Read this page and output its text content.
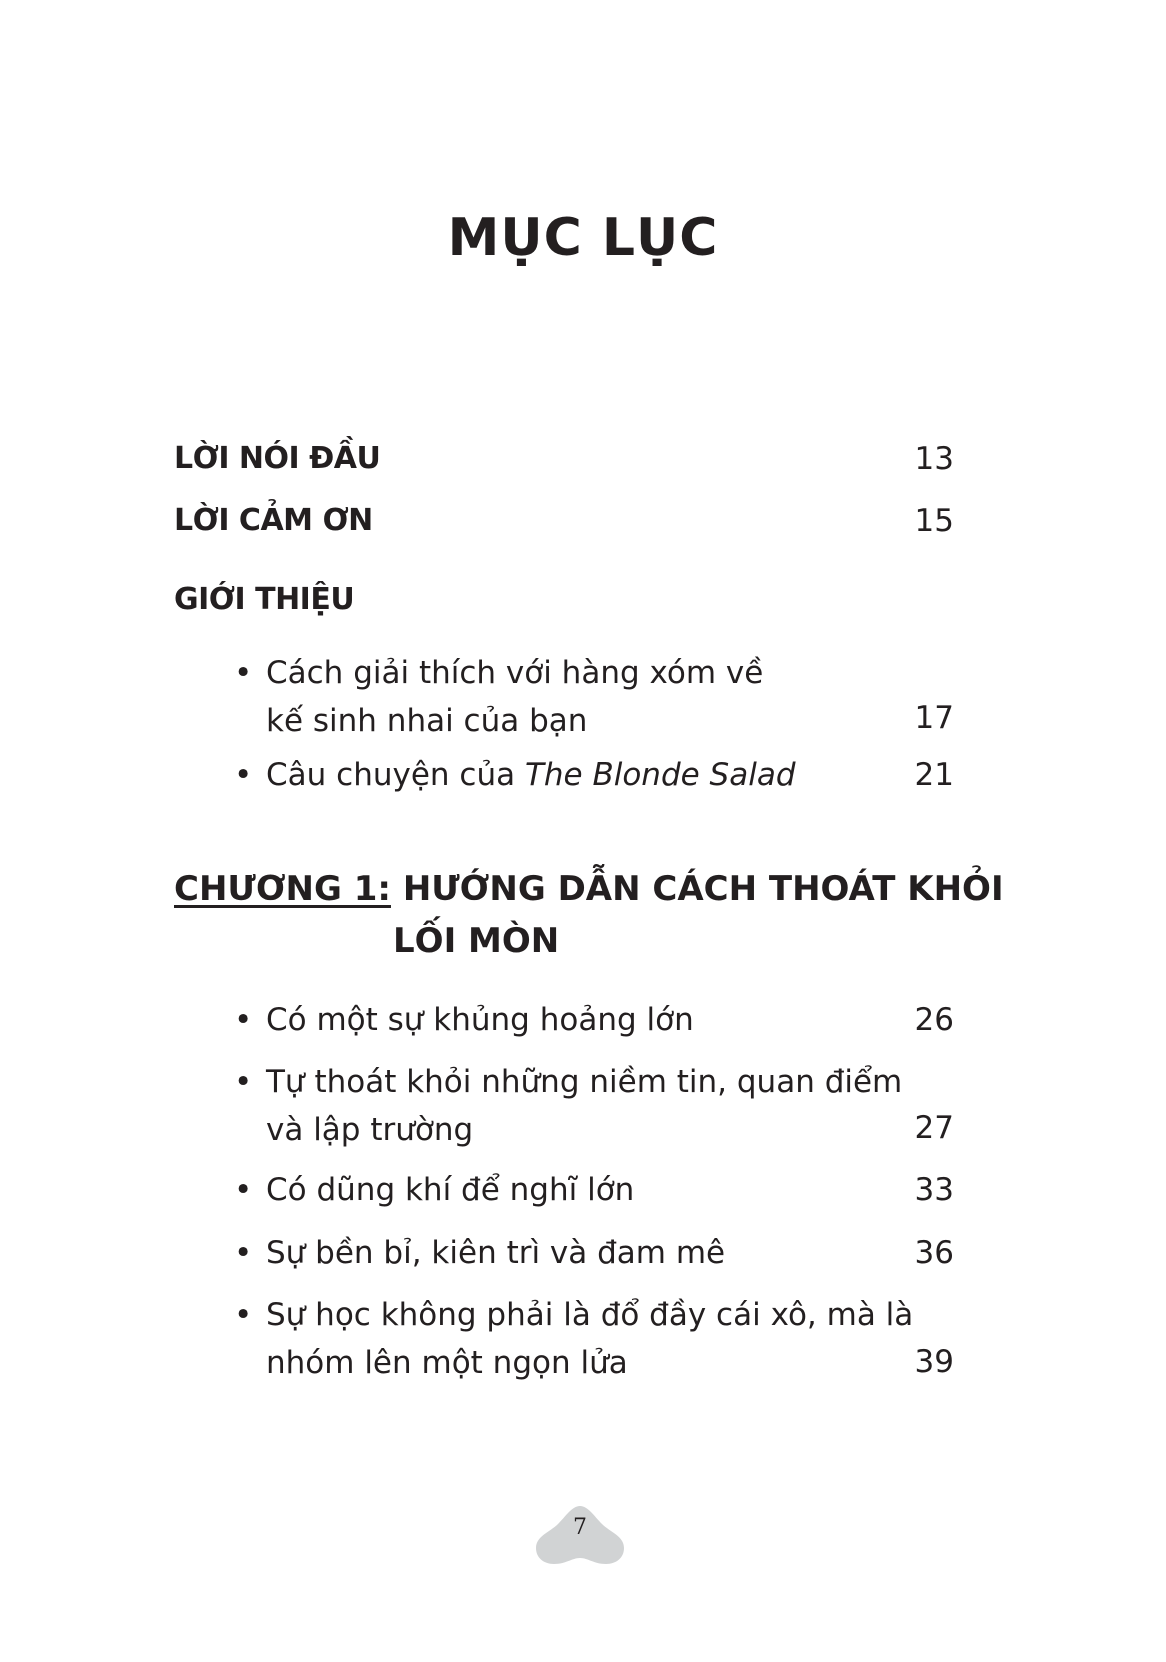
MỤC LỤC
LỜI NÓI ĐẦU	13
LỜI CẢM ƠN	15
GIỚI THIỆU
• Cách giải thích với hàng xóm về
kế sinh nhai của bạn	17
• Câu chuyện của The Blonde Salad	21
CHƯƠNG 1: HƯỚNG DẪN CÁCH THOÁT KHỎI
LỐI MÒN
• Có một sự khủng hoảng lớn	26
• Tự thoát khỏi những niềm tin, quan điểm
và lập trường	27
• Có dũng khí để nghĩ lớn	33
• Sự bền bỉ, kiên trì và đam mê	36
• Sự học không phải là đổ đầy cái xô, mà là
nhóm lên một ngọn lửa	39
7
